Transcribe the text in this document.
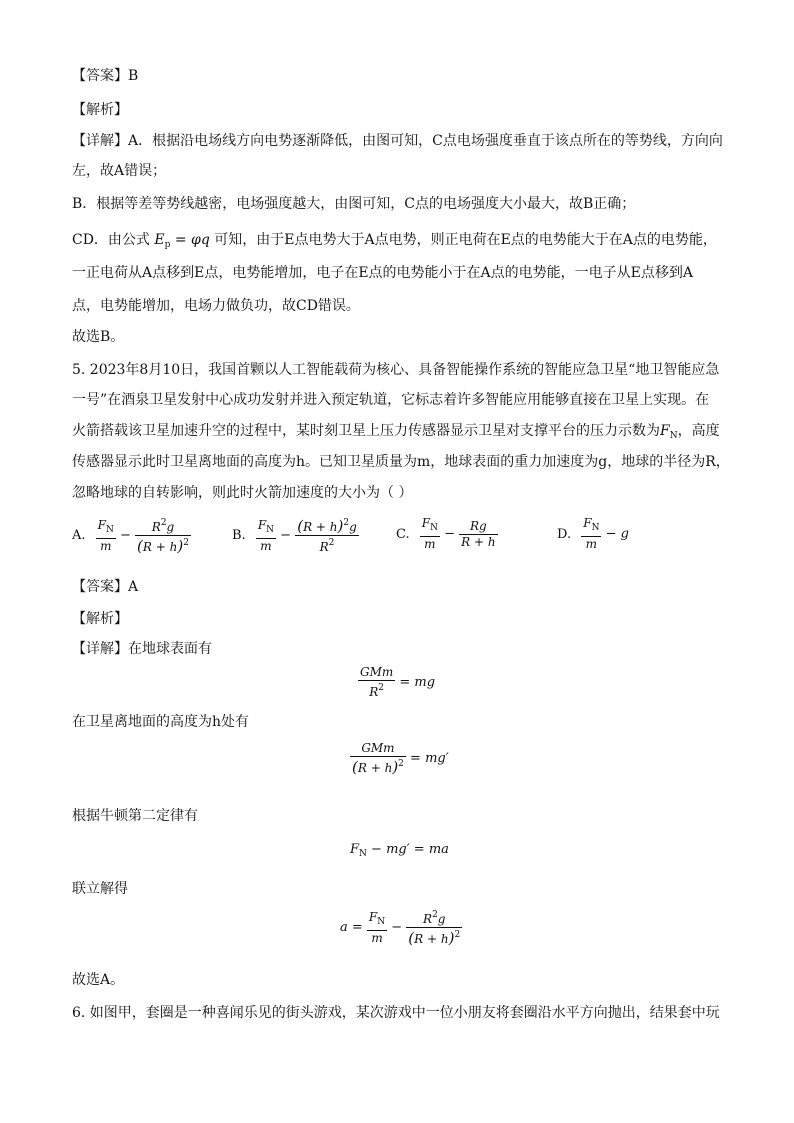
【答案】B
【解析】
【详解】A．根据沿电场线方向电势逐渐降低，由图可知，C点电场强度垂直于该点所在的等势线，方向向
左，故A错误；
B．根据等差等势线越密，电场强度越大，由图可知，C点的电场强度大小最大，故B正确；
CD．由公式 $E_p = \varphi q$ 可知，由于E点电势大于A点电势，则正电荷在E点的电势能大于在A点的电势能，
一正电荷从A点移到E点，电势能增加，电子在E点的电势能小于在A点的电势能，一电子从E点移到A
点，电势能增加，电场力做负功，故CD错误。
故选B。
5. 2023年8月10日，我国首颗以人工智能载荷为核心、具备智能操作系统的智能应急卫星“地卫智能应急
一号”在酒泉卫星发射中心成功发射并进入预定轨道，它标志着许多智能应用能够直接在卫星上实现。在
火箭搭载该卫星加速升空的过程中，某时刻卫星上压力传感器显示卫星对支撑平台的压力示数为$F_N$，高度
传感器显示此时卫星离地面的高度为h。已知卫星质量为m，地球表面的重力加速度为g，地球的半径为R，
忽略地球的自转影响，则此时火箭加速度的大小为（ ）
A. $\frac{F_N}{m} - \frac{R^2g}{(R + h)^2}$	B. $\frac{F_N}{m} - \frac{(R + h)^2g}{R^2}$	C. $\frac{F_N}{m} - \frac{Rg}{R + h}$	D. $\frac{F_N}{m} - g$
【答案】A
【解析】
【详解】在地球表面有
$\frac{\text{GMm}}{R^2}$ = mg
在卫星离地面的高度为h处有
$\frac{\text{GMm}}{(R + h)^2} = mg'$
根据牛顿第二定律有
$F_N - mg'$ = ma
联立解得
$a = \frac{F_N}{m} - \frac{R^2g}{(R + h)^2}$
故选A。
6. 如图甲，套圈是一种喜闻乐见的街头游戏，某次游戏中一位小朋友将套圈沿水平方向抛出，结果套中玩
